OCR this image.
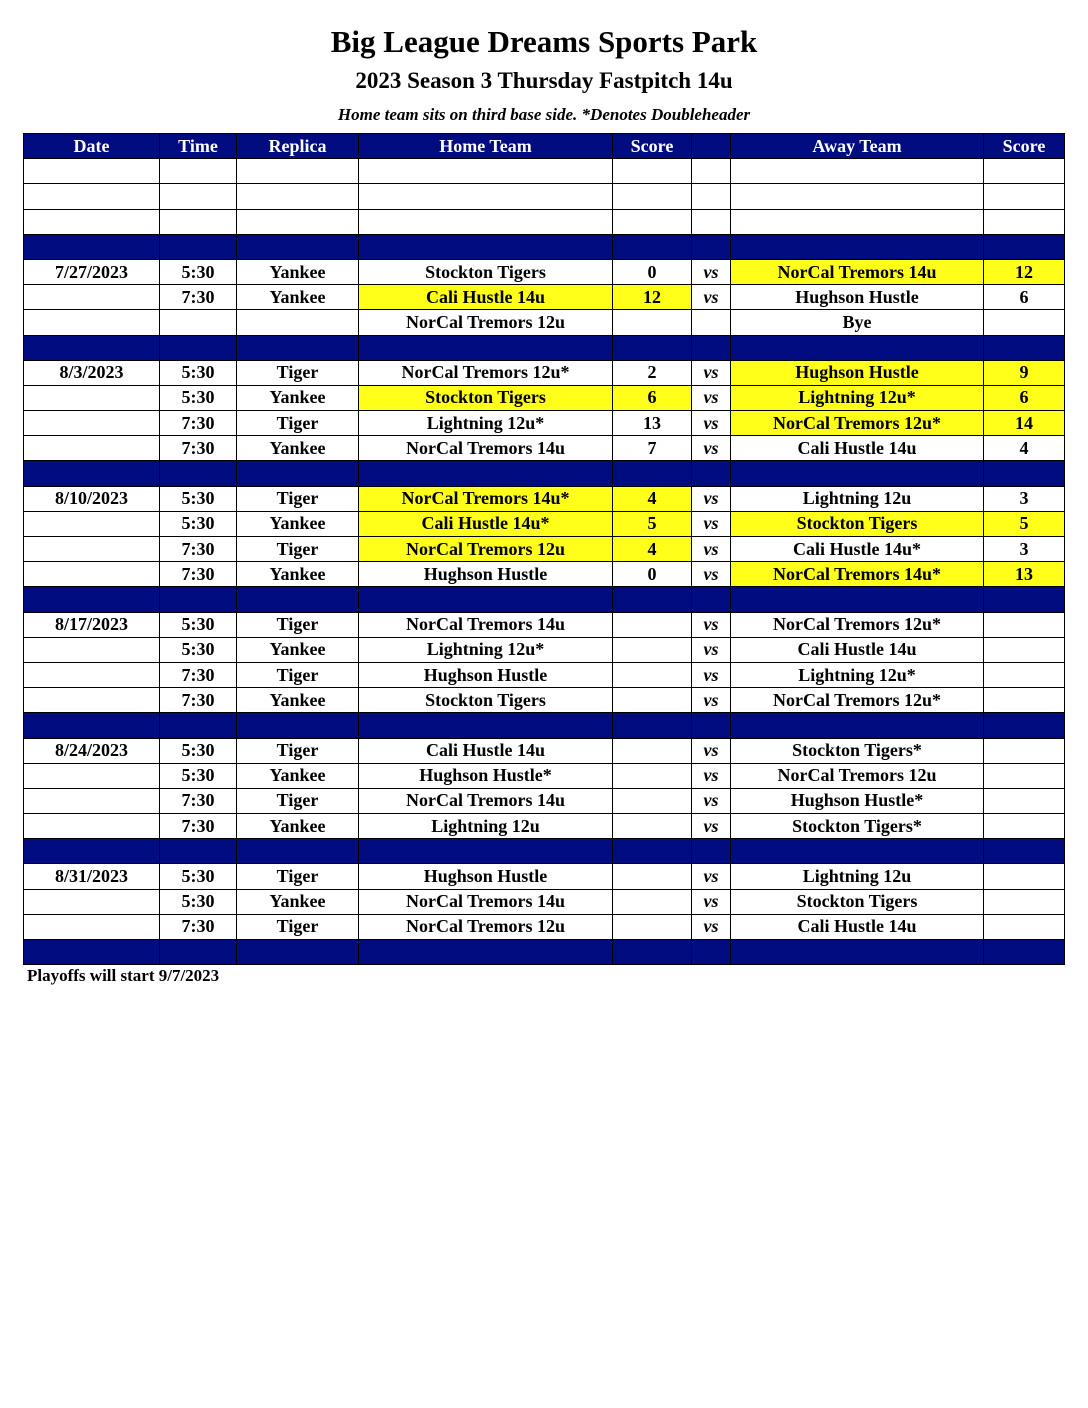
Big League Dreams Sports Park
2023 Season 3 Thursday Fastpitch 14u
Home team sits on third base side. *Denotes Doubleheader
Date	Time	Replica	Home Team	Score		Away Team	Score

7/27/2023	5:30	Yankee	Stockton Tigers	0	vs	NorCal Tremors 14u	12
	7:30	Yankee	Cali Hustle 14u	12	vs	Hughson Hustle	6
			NorCal Tremors 12u			Bye	

8/3/2023	5:30	Tiger	NorCal Tremors 12u*	2	vs	Hughson Hustle	9
	5:30	Yankee	Stockton Tigers	6	vs	Lightning 12u*	6
	7:30	Tiger	Lightning 12u*	13	vs	NorCal Tremors 12u*	14
	7:30	Yankee	NorCal Tremors 14u	7	vs	Cali Hustle 14u	4

8/10/2023	5:30	Tiger	NorCal Tremors 14u*	4	vs	Lightning 12u	3
	5:30	Yankee	Cali Hustle 14u*	5	vs	Stockton Tigers	5
	7:30	Tiger	NorCal Tremors 12u	4	vs	Cali Hustle 14u*	3
	7:30	Yankee	Hughson Hustle	0	vs	NorCal Tremors 14u*	13

8/17/2023	5:30	Tiger	NorCal Tremors 14u		vs	NorCal Tremors 12u*	
	5:30	Yankee	Lightning 12u*		vs	Cali Hustle 14u	
	7:30	Tiger	Hughson Hustle		vs	Lightning 12u*	
	7:30	Yankee	Stockton Tigers		vs	NorCal Tremors 12u*	

8/24/2023	5:30	Tiger	Cali Hustle 14u		vs	Stockton Tigers*	
	5:30	Yankee	Hughson Hustle*		vs	NorCal Tremors 12u	
	7:30	Tiger	NorCal Tremors 14u		vs	Hughson Hustle*	
	7:30	Yankee	Lightning 12u		vs	Stockton Tigers*	

8/31/2023	5:30	Tiger	Hughson Hustle		vs	Lightning 12u	
	5:30	Yankee	NorCal Tremors 14u		vs	Stockton Tigers	
	7:30	Tiger	NorCal Tremors 12u		vs	Cali Hustle 14u	

Playoffs will start 9/7/2023
